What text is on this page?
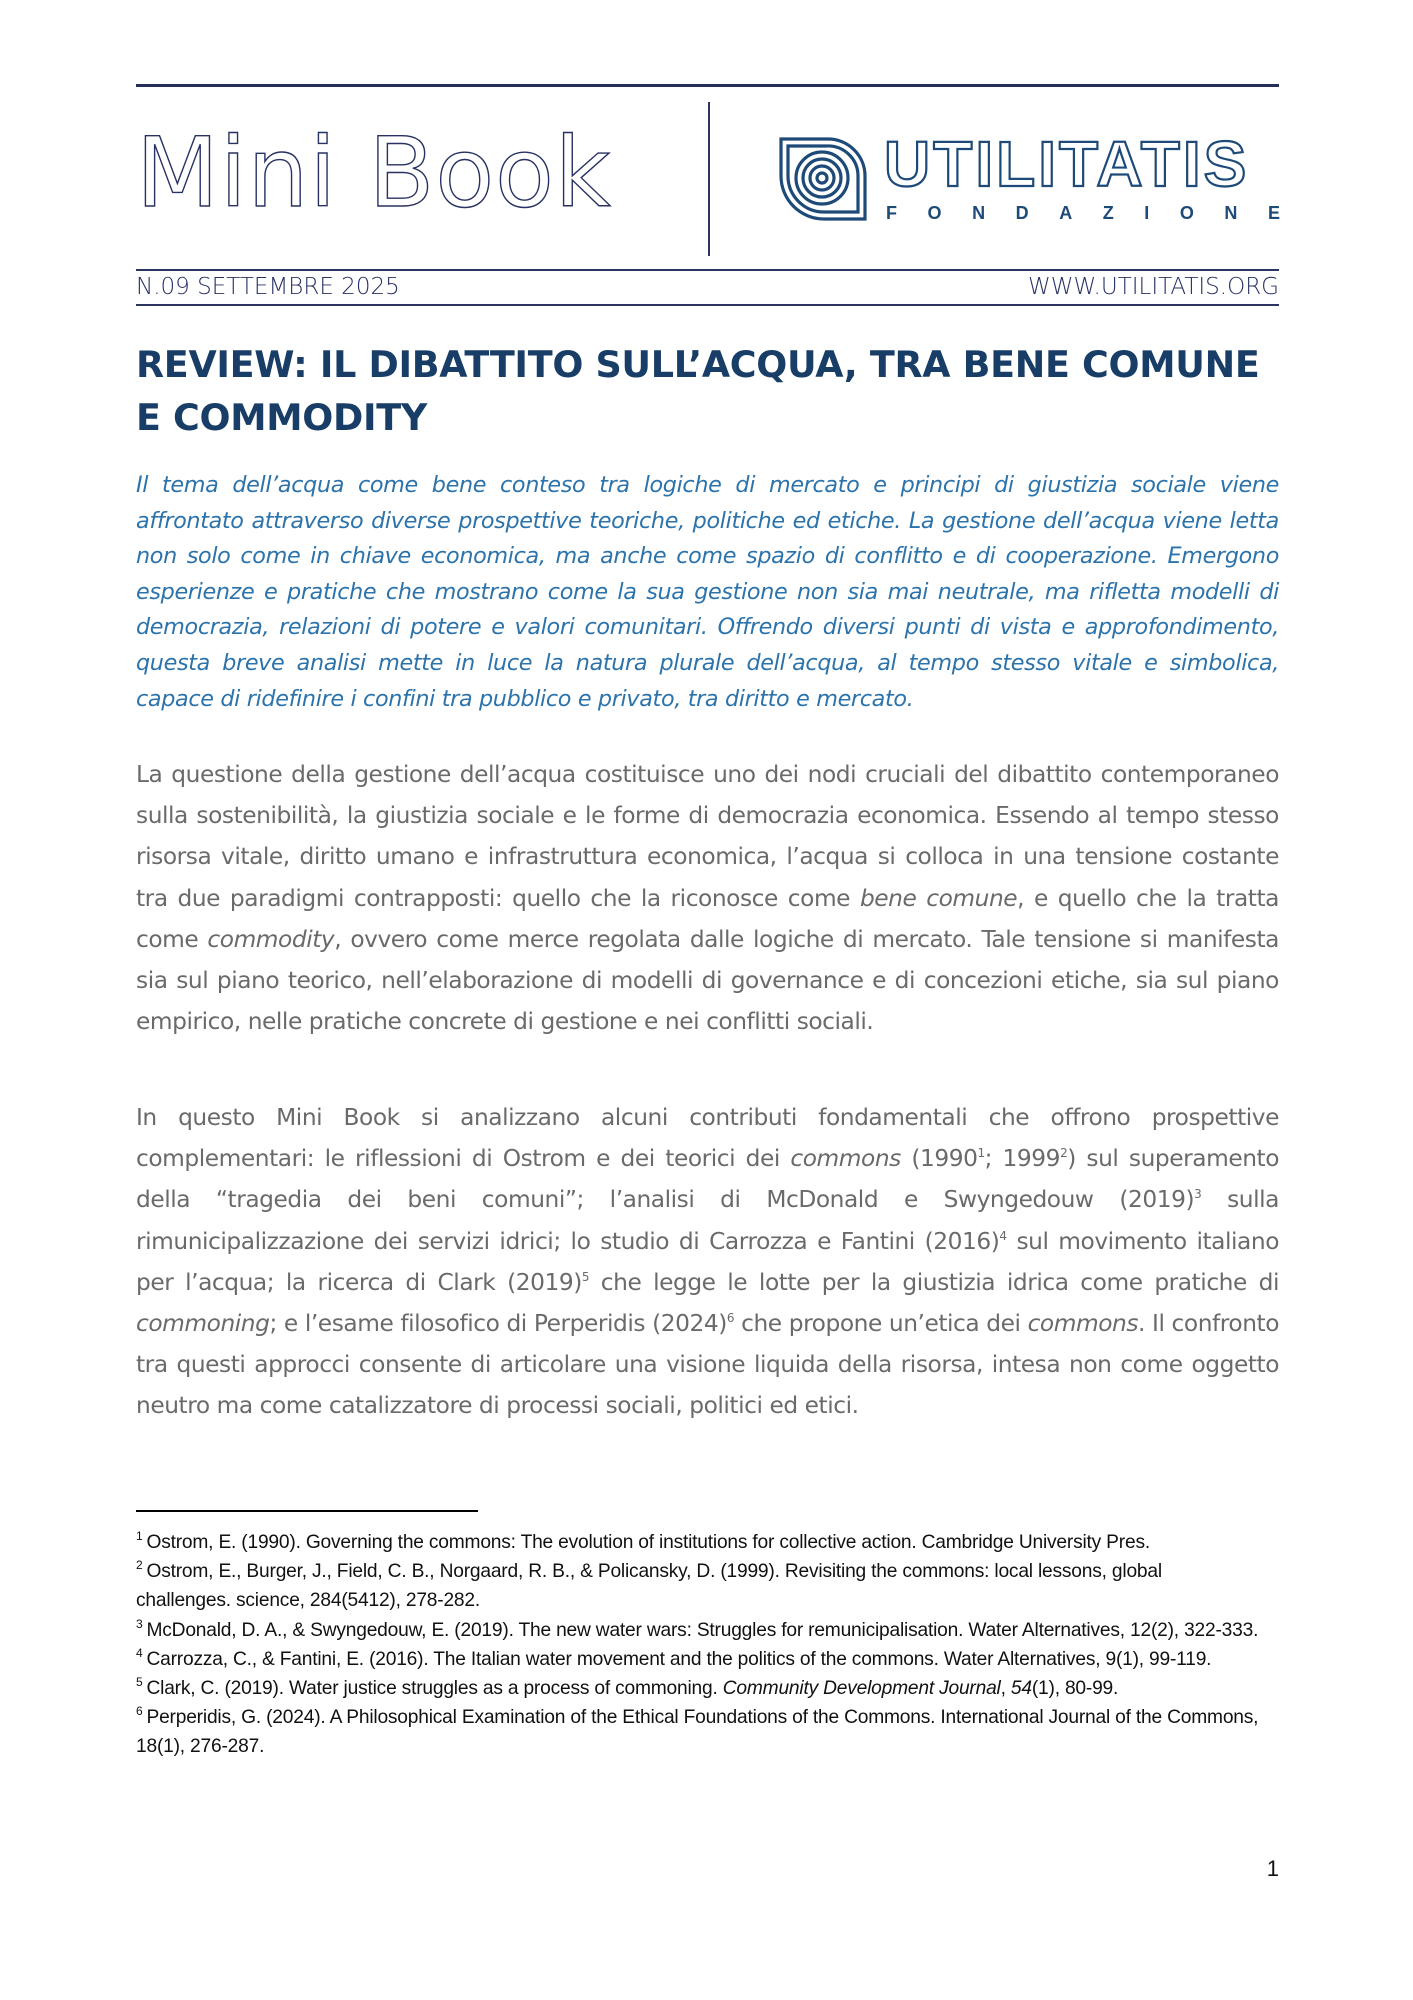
Mini Book	UTILITATIS
F O N D A Z I O N E
N.09 SETTEMBRE 2025	WWW.UTILITATIS.ORG
REVIEW: IL DIBATTITO SULL’ACQUA, TRA BENE COMUNE E COMMODITY

Il tema dell’acqua come bene conteso tra logiche di mercato e principi di giustizia sociale viene affrontato attraverso diverse prospettive teoriche, politiche ed etiche. La gestione dell’acqua viene letta non solo come in chiave economica, ma anche come spazio di conflitto e di cooperazione. Emergono esperienze e pratiche che mostrano come la sua gestione non sia mai neutrale, ma rifletta modelli di democrazia, relazioni di potere e valori comunitari. Offrendo diversi punti di vista e approfondimento, questa breve analisi mette in luce la natura plurale dell’acqua, al tempo stesso vitale e simbolica, capace di ridefinire i confini tra pubblico e privato, tra diritto e mercato.

La questione della gestione dell’acqua costituisce uno dei nodi cruciali del dibattito contemporaneo sulla sostenibilità, la giustizia sociale e le forme di democrazia economica. Essendo al tempo stesso risorsa vitale, diritto umano e infrastruttura economica, l’acqua si colloca in una tensione costante tra due paradigmi contrapposti: quello che la riconosce come bene comune, e quello che la tratta come commodity, ovvero come merce regolata dalle logiche di mercato. Tale tensione si manifesta sia sul piano teorico, nell’elaborazione di modelli di governance e di concezioni etiche, sia sul piano empirico, nelle pratiche concrete di gestione e nei conflitti sociali.

In questo Mini Book si analizzano alcuni contributi fondamentali che offrono prospettive complementari: le riflessioni di Ostrom e dei teorici dei commons (1990$^1$; 1999$^2$) sul superamento della “tragedia dei beni comuni”; l’analisi di McDonald e Swyngedouw $(2019)^3$ sulla rimunicipalizzazione dei servizi idrici; lo studio di Carrozza e Fantini $(2016)^4$ sul movimento italiano per l’acqua; la ricerca di Clark $(2019)^5$ che legge le lotte per la giustizia idrica come pratiche di commoning; e l’esame filosofico di Perperidis $(2024)^6$ che propone un’etica dei commons. Il confronto tra questi approcci consente di articolare una visione liquida della risorsa, intesa non come oggetto neutro ma come catalizzatore di processi sociali, politici ed etici.

$^1$ Ostrom, E. (1990). Governing the commons: The evolution of institutions for collective action. Cambridge University Pres.

$^2$ Ostrom, E., Burger, J., Field, C. B., Norgaard, R. B., & Policansky, D. (1999). Revisiting the commons: local lessons, global challenges. science, 284(5412), 278-282.

$^3$ McDonald, D. A., & Swyngedouw, E. (2019). The new water wars: Struggles for remunicipalisation. Water Alternatives, 12(2), 322-333.

$^4$ Carrozza, C., & Fantini, E. (2016). The Italian water movement and the politics of the commons. Water Alternatives, 9(1), 99-119.

$^5$ Clark, C. (2019). Water justice struggles as a process of commoning. Community Development Journal, 54(1), 80-99.

$^6$ Perperidis, G. (2024). A Philosophical Examination of the Ethical Foundations of the Commons. International Journal of the Commons, 18(1), 276-287.

1
